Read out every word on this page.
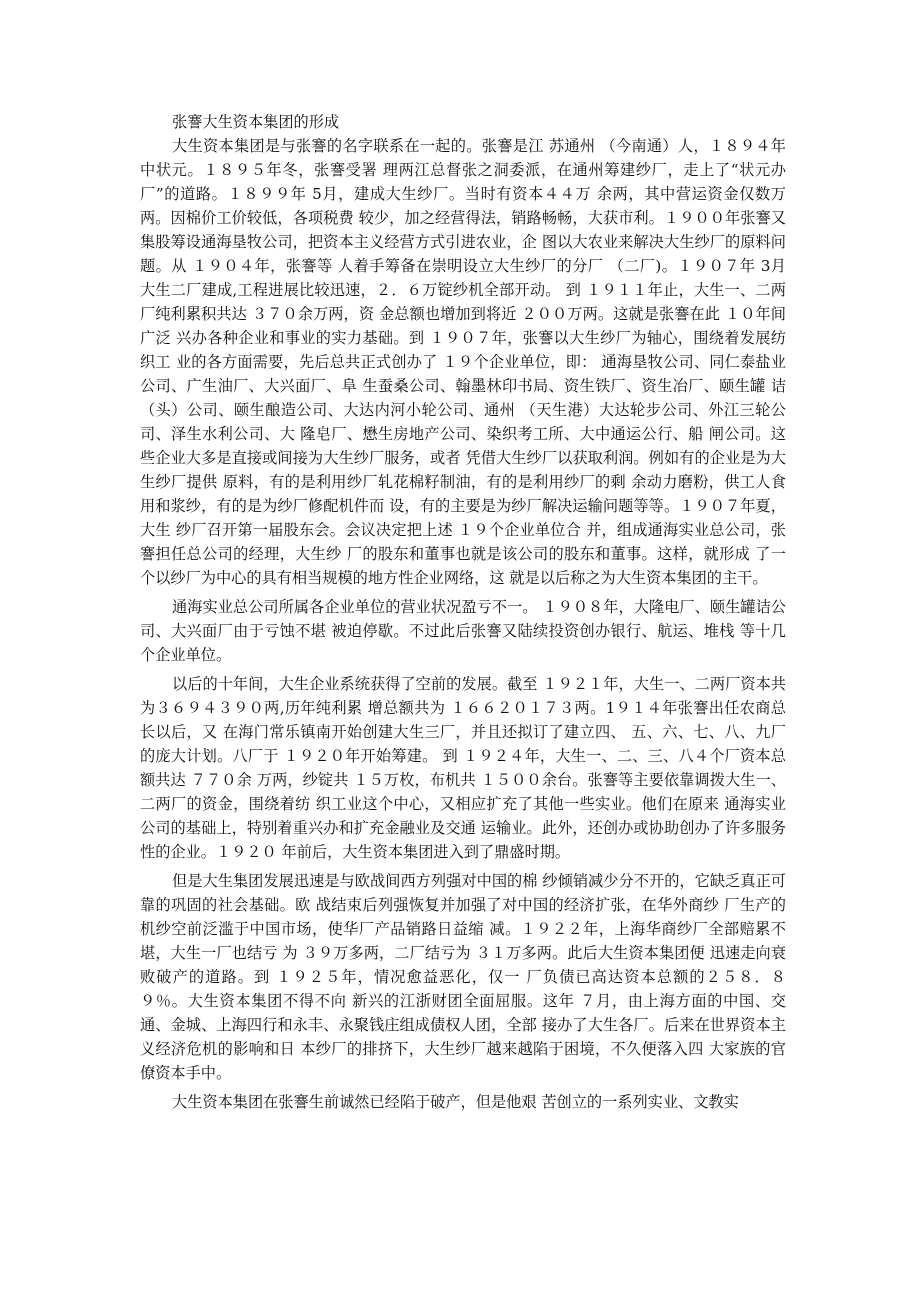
张謇大生资本集团的形成

大生资本集团是与张謇的名字联系在一起的。张謇是江 苏通州 （今南通）人，１８９４年中状元。１８９５年冬，张謇受署 理两江总督张之洞委派，在通州筹建纱厂，走上了“状元办 厂”的道路。１８９９年 5月，建成大生纱厂。当时有资本４４万 余两，其中营运资金仅数万两。因棉价工价较低，各项税费 较少，加之经营得法，销路畅畅，大获市利。１９００年张謇又 集股筹设通海垦牧公司，把资本主义经营方式引进农业，企 图以大农业来解决大生纱厂的原料问题。从 １９０４年，张謇等 人着手筹备在崇明设立大生纱厂的分厂 （二厂)。１９０７年 3月 大生二厂建成,工程进展比较迅速，２．６万锭纱机全部开动。 到 １９１１年止，大生一、二两厂纯利累积共达 ３７０余万两，资 金总额也增加到将近 ２００万两。这就是张謇在此 １０年间广泛 兴办各种企业和事业的实力基础。到 １９０７年，张謇以大生纱厂为轴心，围绕着发展纺织工 业的各方面需要，先后总共正式创办了 １９个企业单位，即： 通海垦牧公司、同仁泰盐业公司、广生油厂、大兴面厂、阜 生蚕桑公司、翰墨林印书局、资生铁厂、资生冶厂、颐生罐 诘 （头）公司、颐生酿造公司、大达内河小轮公司、通州 （天生港）大达轮步公司、外江三轮公司、泽生水利公司、大 隆皂厂、懋生房地产公司、染织考工所、大中通运公行、船 闸公司。这些企业大多是直接或间接为大生纱厂服务，或者 凭借大生纱厂以获取利润。例如有的企业是为大生纱厂提供 原料，有的是利用纱厂轧花棉籽制油，有的是利用纱厂的剩 余动力磨粉，供工人食用和浆纱，有的是为纱厂修配机件而 设，有的主要是为纱厂解决运输问题等等。１９０７年夏，大生 纱厂召开第一届股东会。会议决定把上述 １９个企业单位合 并，组成通海实业总公司，张謇担任总公司的经理，大生纱 厂的股东和董事也就是该公司的股东和董事。这样，就形成 了一个以纱厂为中心的具有相当规模的地方性企业网络，这 就是以后称之为大生资本集团的主干。

通海实业总公司所属各企业单位的营业状况盈亏不一。 １９０８年，大隆电厂、颐生罐诘公司、大兴面厂由于亏蚀不堪 被迫停歇。不过此后张謇又陆续投资创办银行、航运、堆栈 等十几个企业单位。

以后的十年间，大生企业系统获得了空前的发展。截至 １９２１年，大生一、二两厂资本共为３６９４３９０两,历年纯利累 增总额共为 １６６２０１７３两。1９１４年张謇出任农商总长以后，又 在海门常乐镇南开始创建大生三厂，并且还拟订了建立四、 五、六、七、八、九厂的庞大计划。八厂于 １９２０年开始筹建。 到 １９２４年，大生一、二、三、八４个厂资本总额共达 ７７０余 万两，纱锭共 １５万枚，布机共 １５００余台。张謇等主要依靠调拨大生一、二两厂的资金，围绕着纺 织工业这个中心，又相应扩充了其他一些实业。他们在原来 通海实业公司的基础上，特别着重兴办和扩充金融业及交通 运输业。此外，还创办或协助创办了许多服务性的企业。１９２０ 年前后，大生资本集团进入到了鼎盛时期。

但是大生集团发展迅速是与欧战间西方列强对中国的棉 纱倾销减少分不开的，它缺乏真正可靠的巩固的社会基础。欧 战结束后列强恢复并加强了对中国的经济扩张，在华外商纱 厂生产的机纱空前泛滥于中国市场，使华厂产品销路日益缩 减。１９２２年，上海华商纱厂全部赔累不堪，大生一厂也结亏 为 ３９万多两，二厂结亏为 ３１万多两。此后大生资本集团便 迅速走向衰败破产的道路。到 １９２５年，情况愈益恶化，仅一 厂负债已高达资本总额的２５８．８９％。大生资本集团不得不向 新兴的江浙财团全面屈服。这年 ７月，由上海方面的中国、交 通、金城、上海四行和永丰、永聚钱庄组成债权人团，全部 接办了大生各厂。后来在世界资本主义经济危机的影响和日 本纱厂的排挤下，大生纱厂越来越陷于困境，不久便落入四 大家族的官僚资本手中。

大生资本集团在张謇生前诚然已经陷于破产，但是他艰 苦创立的一系列实业、文教实
